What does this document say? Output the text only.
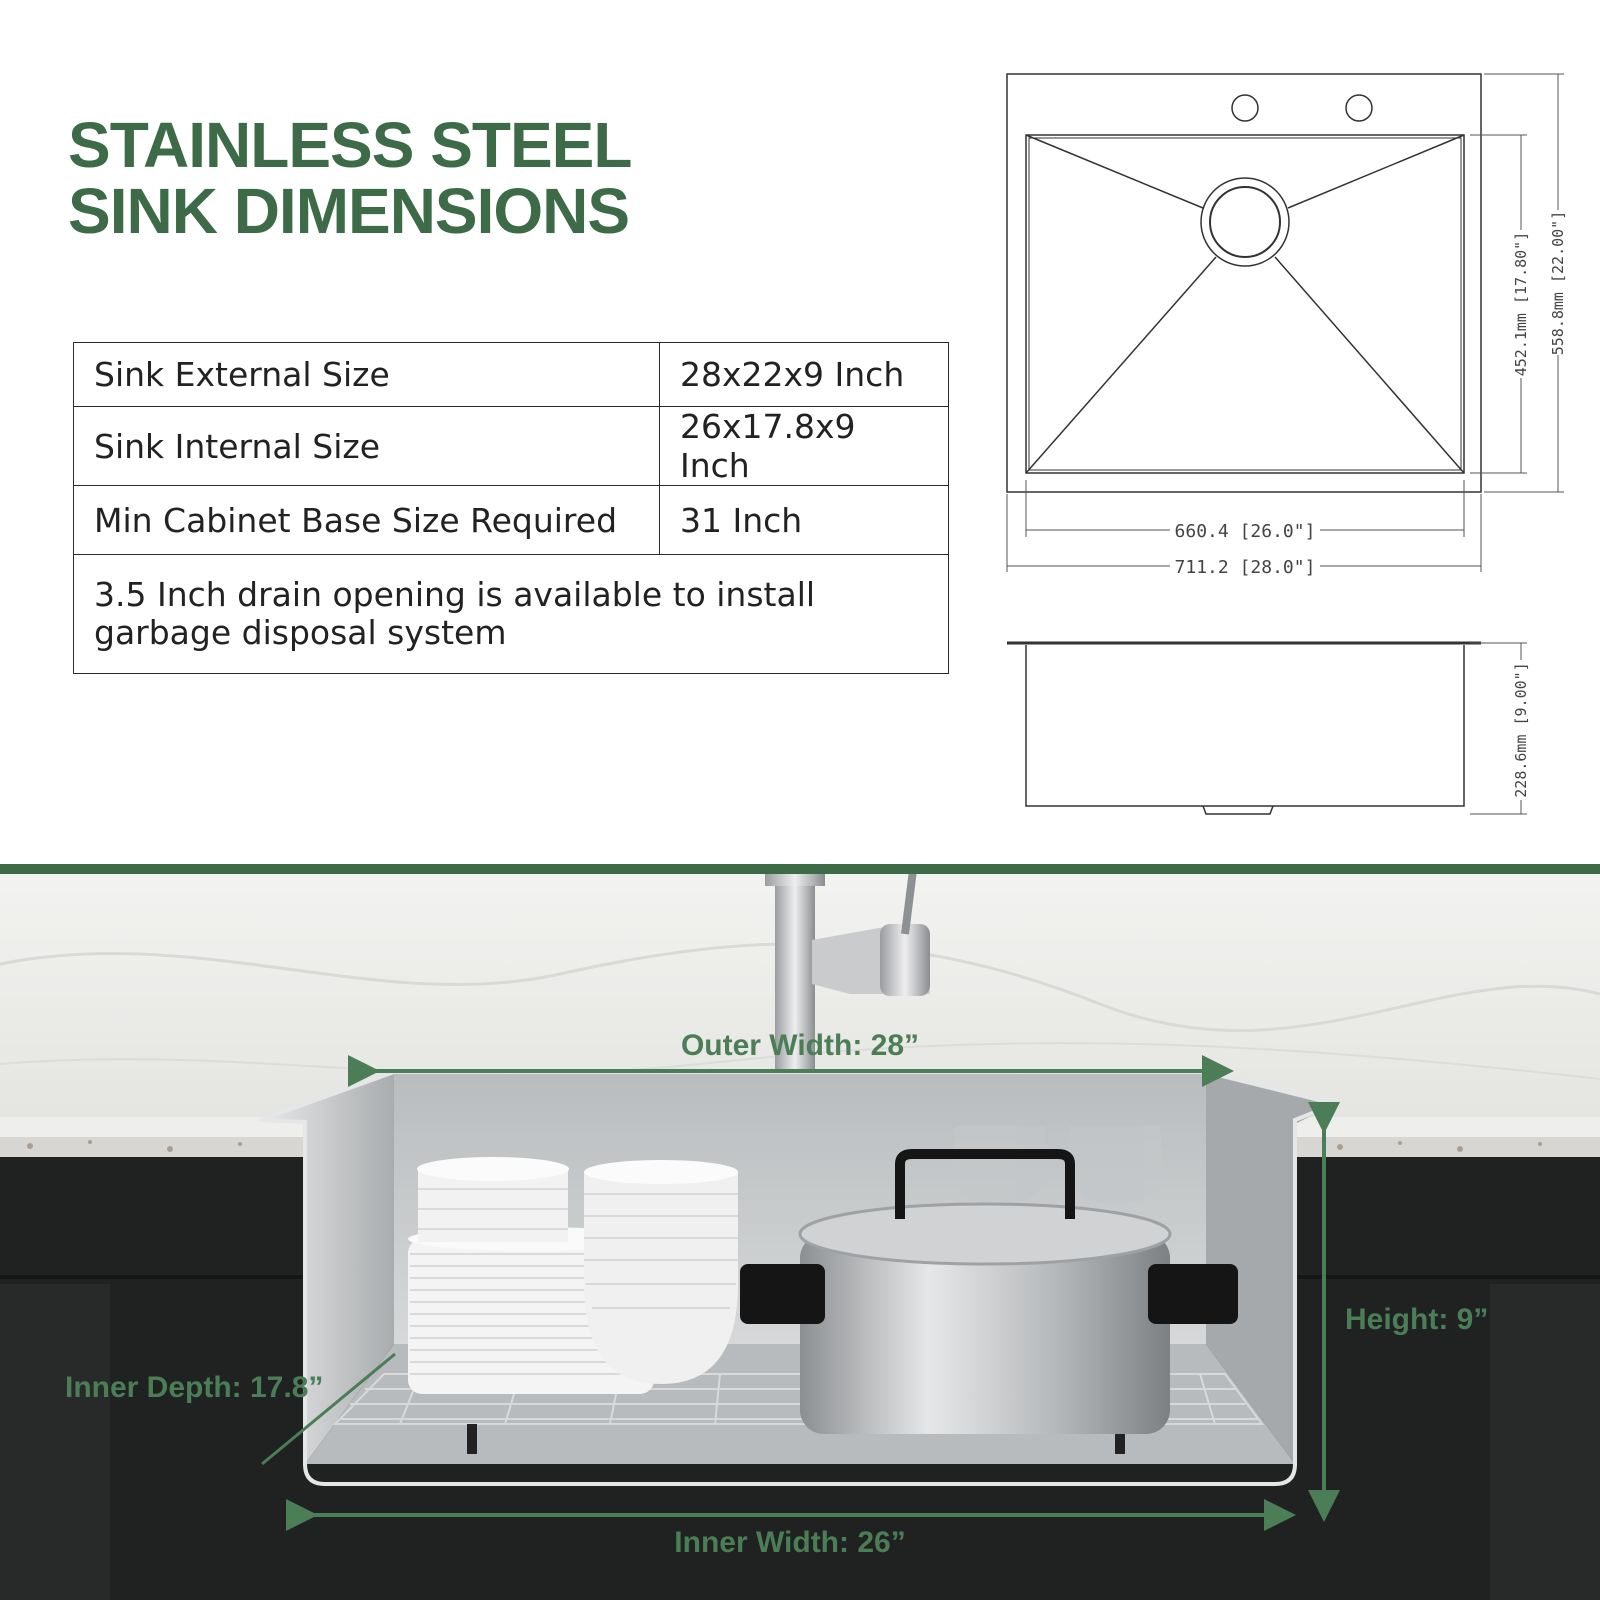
STAINLESS STEEL
SINK DIMENSIONS
Sink External Size	28x22x9 Inch
Sink Internal Size	26x17.8x9 Inch
Min Cabinet Base Size Required	31 Inch
3.5 Inch drain opening is available to install garbage disposal system	
660.4 [26.0"]
711.2 [28.0"]
452.1mm [17.80"] 558.8mm [22.00"]
228.6mm [9.00"]
Outer Width: 28”
Inner Width: 26”
Height: 9”
Inner Depth: 17.8”
